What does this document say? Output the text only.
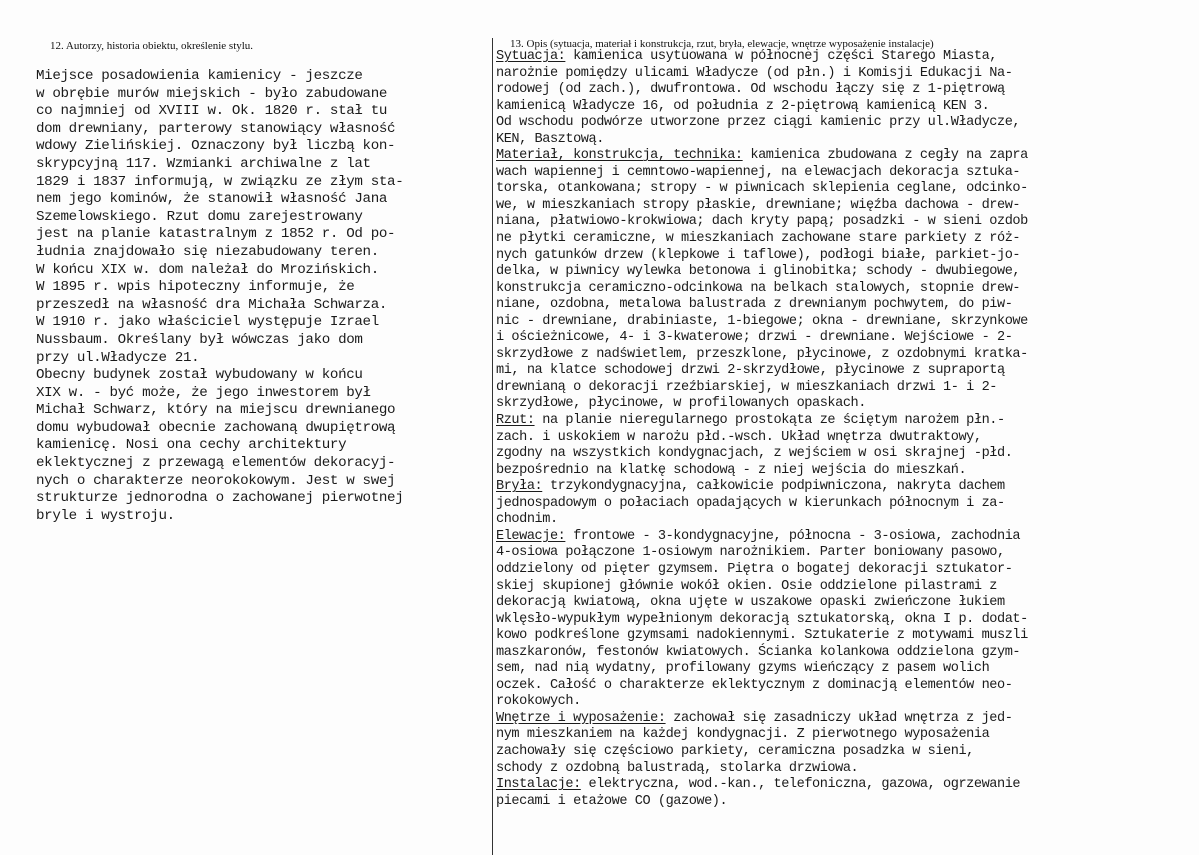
12. Autorzy, historia obiektu, określenie stylu.	13. Opis (sytuacja, materiał i konstrukcja, rzut, bryła, elewacje, wnętrze wyposażenie instalacje)
Miejsce posadowienia kamienicy - jeszcze
w obrębie murów miejskich - było zabudowane
co najmniej od XVIII w. Ok. 1820 r. stał tu
dom drewniany, parterowy stanowiący własność
wdowy Zielińskiej. Oznaczony był liczbą kon-
skrypcyjną 117. Wzmianki archiwalne z lat
1829 i 1837 informują, w związku ze złym sta-
nem jego kominów, że stanowił własność Jana
Szemelowskiego. Rzut domu zarejestrowany
jest na planie katastralnym z 1852 r. Od po-
łudnia znajdowało się niezabudowany teren.
W końcu XIX w. dom należał do Mrozińskich.
W 1895 r. wpis hipoteczny informuje, że
przeszedł na własność dra Michała Schwarza.
W 1910 r. jako właściciel występuje Izrael
Nussbaum. Określany był wówczas jako dom
przy ul.Władycze 21.
Obecny budynek został wybudowany w końcu
XIX w. - być może, że jego inwestorem był
Michał Schwarz, który na miejscu drewnianego
domu wybudował obecnie zachowaną dwupiętrową
kamienicę. Nosi ona cechy architektury
eklektycznej z przewagą elementów dekoracyj-
nych o charakterze neorokokowym. Jest w swej
strukturze jednorodna o zachowanej pierwotnej
bryle i wystroju.
Sytuacja: kamienica usytuowana w północnej części Starego Miasta,
narożnie pomiędzy ulicami Władycze (od płn.) i Komisji Edukacji Na-
rodowej (od zach.), dwufrontowa. Od wschodu łączy się z 1-piętrową
kamienicą Władycze 16, od południa z 2-piętrową kamienicą KEN 3.
Od wschodu podwórze utworzone przez ciągi kamienic przy ul.Władycze,
KEN, Basztową.
Materiał, konstrukcja, technika: kamienica zbudowana z cegły na zapra
wach wapiennej i cemntowo-wapiennej, na elewacjach dekoracja sztuka-
torska, otankowana; stropy - w piwnicach sklepienia ceglane, odcinko-
we, w mieszkaniach stropy płaskie, drewniane; więźba dachowa - drew-
niana, płatwiowo-krokwiowa; dach kryty papą; posadzki - w sieni ozdob
ne płytki ceramiczne, w mieszkaniach zachowane stare parkiety z róż-
nych gatunków drzew (klepkowe i taflowe), podłogi białe, parkiet-jo-
delka, w piwnicy wylewka betonowa i glinobitka; schody - dwubiegowe,
konstrukcja ceramiczno-odcinkowa na belkach stalowych, stopnie drew-
niane, ozdobna, metalowa balustrada z drewnianym pochwytem, do piw-
nic - drewniane, drabiniaste, 1-biegowe; okna - drewniane, skrzynkowe
i ościeżnicowe, 4- i 3-kwaterowe; drzwi - drewniane. Wejściowe - 2-
skrzydłowe z nadświetlem, przeszklone, płycinowe, z ozdobnymi kratka-
mi, na klatce schodowej drzwi 2-skrzydłowe, płycinowe z supraportą
drewnianą o dekoracji rzeźbiarskiej, w mieszkaniach drzwi 1- i 2-
skrzydłowe, płycinowe, w profilowanych opaskach.
Rzut: na planie nieregularnego prostokąta ze ściętym narożem płn.-
zach. i uskokiem w narożu płd.-wsch. Układ wnętrza dwutraktowy,
zgodny na wszystkich kondygnacjach, z wejściem w osi skrajnej -płd.
bezpośrednio na klatkę schodową - z niej wejścia do mieszkań.
Bryła: trzykondygnacyjna, całkowicie podpiwniczona, nakryta dachem
jednospadowym o połaciach opadających w kierunkach północnym i za-
chodnim.
Elewacje: frontowe - 3-kondygnacyjne, północna - 3-osiowa, zachodnia
4-osiowa połączone 1-osiowym narożnikiem. Parter boniowany pasowo,
oddzielony od pięter gzymsem. Piętra o bogatej dekoracji sztukator-
skiej skupionej głównie wokół okien. Osie oddzielone pilastrami z
dekoracją kwiatową, okna ujęte w uszakowe opaski zwieńczone łukiem
wklęsło-wypukłym wypełnionym dekoracją sztukatorską, okna I p. dodat-
kowo podkreślone gzymsami nadokiennymi. Sztukaterie z motywami muszli
maszkaronów, festonów kwiatowych. Ścianka kolankowa oddzielona gzym-
sem, nad nią wydatny, profilowany gzyms wieńczący z pasem wolich
oczek. Całość o charakterze eklektycznym z dominacją elementów neo-
rokokowych.
Wnętrze i wyposażenie: zachował się zasadniczy układ wnętrza z jed-
nym mieszkaniem na każdej kondygnacji. Z pierwotnego wyposażenia
zachowały się częściowo parkiety, ceramiczna posadzka w sieni,
schody z ozdobną balustradą, stolarka drzwiowa.
Instalacje: elektryczna, wod.-kan., telefoniczna, gazowa, ogrzewanie
piecami i etażowe CO (gazowe).
